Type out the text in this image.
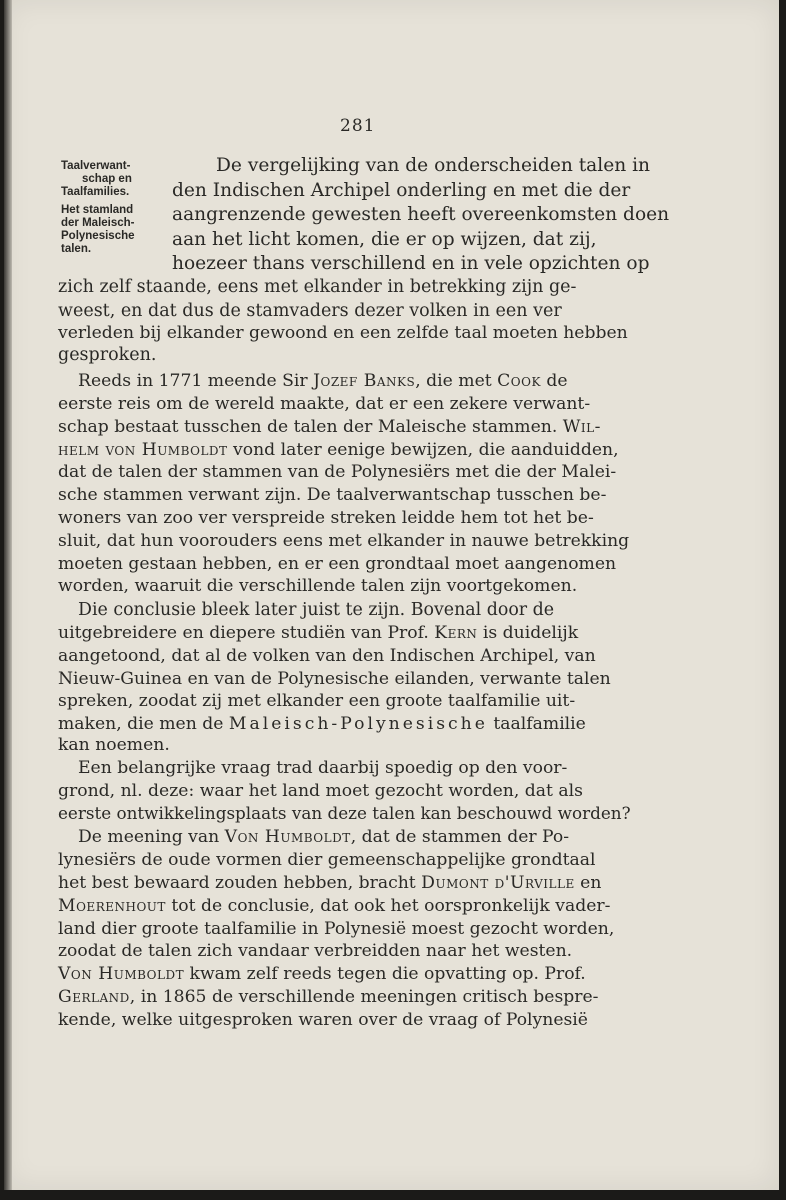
281
Taalverwant-
schap en
Taalfamilies.
Het stamland
der Maleisch-
Polynesische
talen.
De vergelijking van de onderscheiden talen in
den Indischen Archipel onderling en met die der
aangrenzende gewesten heeft overeenkomsten doen
aan het licht komen, die er op wijzen, dat zij,
hoezeer thans verschillend en in vele opzichten op
zich zelf staande, eens met elkander in betrekking zijn ge-
weest, en dat dus de stamvaders dezer volken in een ver
verleden bij elkander gewoond en een zelfde taal moeten hebben
gesproken.
Reeds in 1771 meende Sir Jozef Banks, die met Cook de
eerste reis om de wereld maakte, dat er een zekere verwant-
schap bestaat tusschen de talen der Maleische stammen. Wil-
helm von Humboldt vond later eenige bewijzen, die aanduidden,
dat de talen der stammen van de Polynesiërs met die der Malei-
sche stammen verwant zijn. De taalverwantschap tusschen be-
woners van zoo ver verspreide streken leidde hem tot het be-
sluit, dat hun voorouders eens met elkander in nauwe betrekking
moeten gestaan hebben, en er een grondtaal moet aangenomen
worden, waaruit die verschillende talen zijn voortgekomen.
Die conclusie bleek later juist te zijn. Bovenal door de
uitgebreidere en diepere studiën van Prof. Kern is duidelijk
aangetoond, dat al de volken van den Indischen Archipel, van
Nieuw-Guinea en van de Polynesische eilanden, verwante talen
spreken, zoodat zij met elkander een groote taalfamilie uit-
maken, die men de Maleisch-Polynesische taalfamilie
kan noemen.
Een belangrijke vraag trad daarbij spoedig op den voor-
grond, nl. deze: waar het land moet gezocht worden, dat als
eerste ontwikkelingsplaats van deze talen kan beschouwd worden?
De meening van Von Humboldt, dat de stammen der Po-
lynesiërs de oude vormen dier gemeenschappelijke grondtaal
het best bewaard zouden hebben, bracht Dumont d'Urville en
Moerenhout tot de conclusie, dat ook het oorspronkelijk vader-
land dier groote taalfamilie in Polynesië moest gezocht worden,
zoodat de talen zich vandaar verbreidden naar het westen.
Von Humboldt kwam zelf reeds tegen die opvatting op. Prof.
Gerland, in 1865 de verschillende meeningen critisch bespre-
kende, welke uitgesproken waren over de vraag of Polynesië
